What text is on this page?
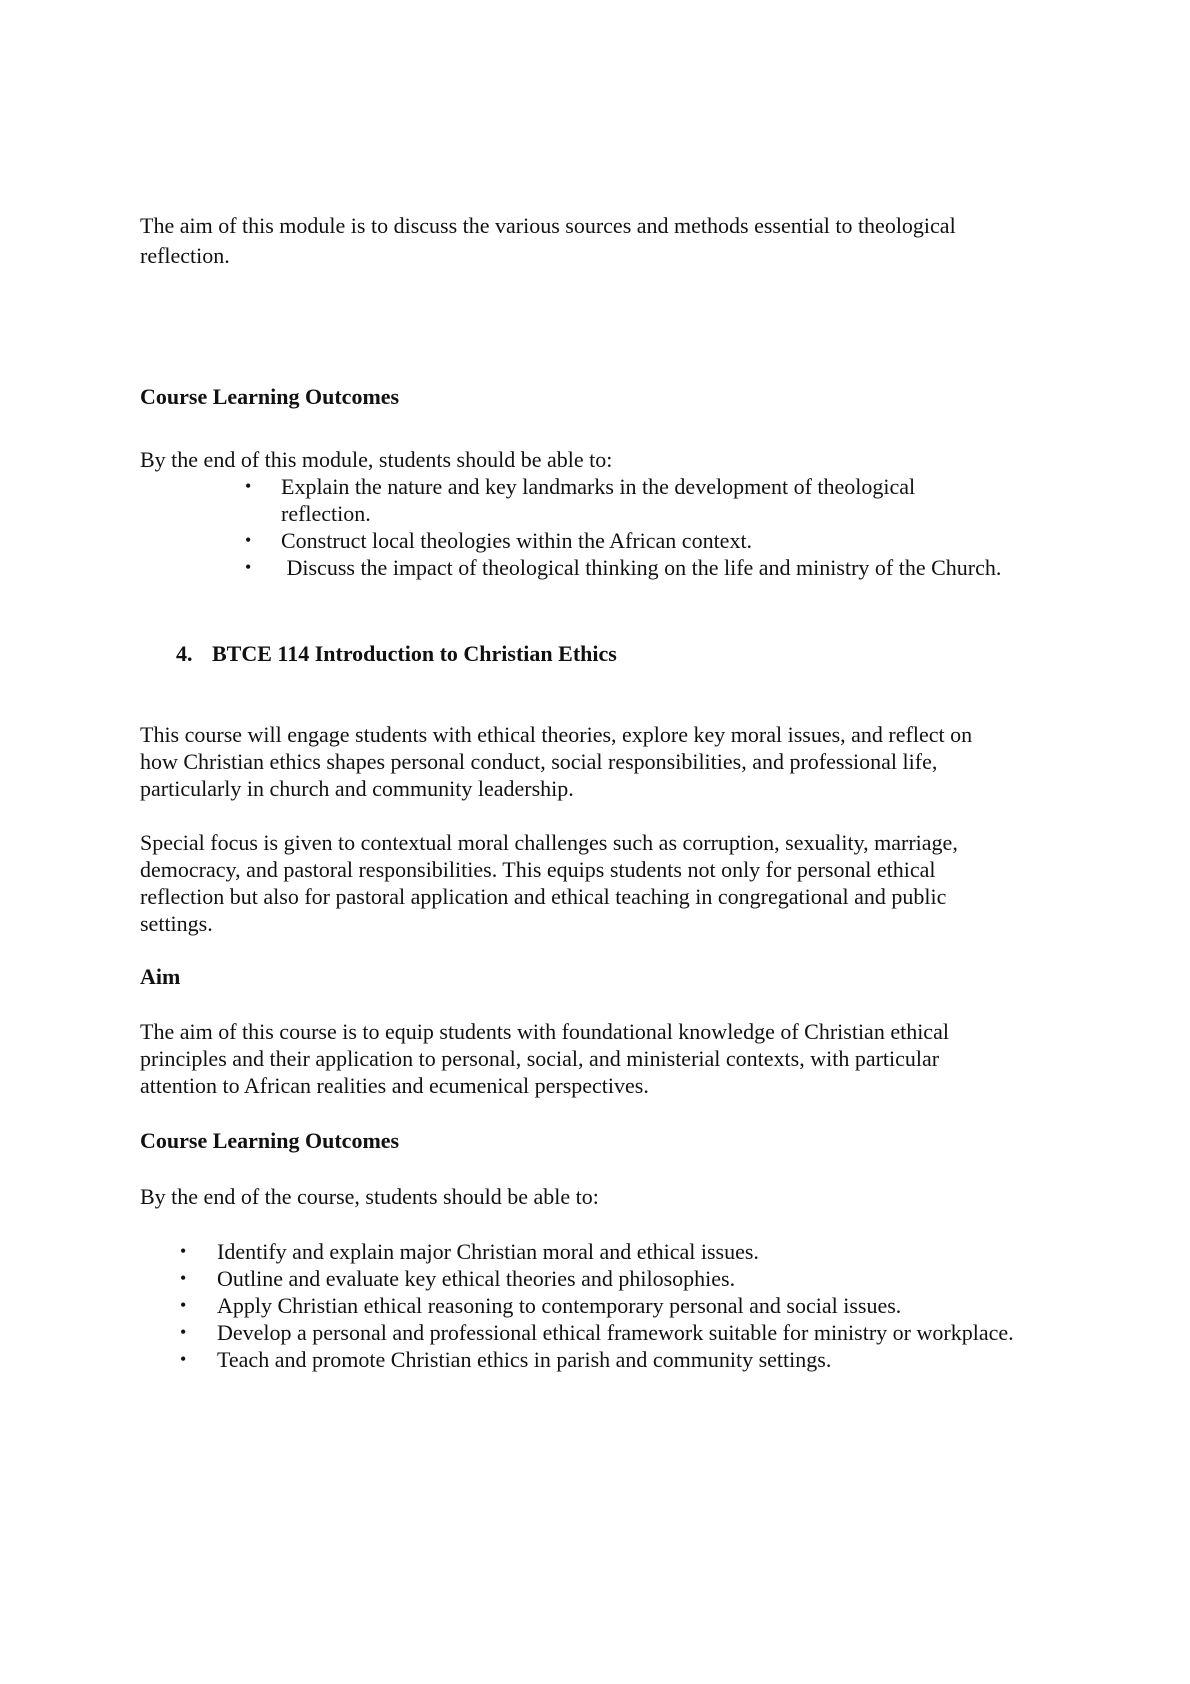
The aim of this module is to discuss the various sources and methods essential to theological

reflection.

Course Learning Outcomes

By the end of this module, students should be able to:

• Explain the nature and key landmarks in the development of theological
reflection.
• Construct local theologies within the African context.
• Discuss the impact of theological thinking on the life and ministry of the Church.

4. BTCE 114 Introduction to Christian Ethics

This course will engage students with ethical theories, explore key moral issues, and reflect on

how Christian ethics shapes personal conduct, social responsibilities, and professional life,

particularly in church and community leadership.

Special focus is given to contextual moral challenges such as corruption, sexuality, marriage,

democracy, and pastoral responsibilities. This equips students not only for personal ethical

reflection but also for pastoral application and ethical teaching in congregational and public

settings.

Aim

The aim of this course is to equip students with foundational knowledge of Christian ethical

principles and their application to personal, social, and ministerial contexts, with particular

attention to African realities and ecumenical perspectives.

Course Learning Outcomes

By the end of the course, students should be able to:

• Identify and explain major Christian moral and ethical issues.
• Outline and evaluate key ethical theories and philosophies.
• Apply Christian ethical reasoning to contemporary personal and social issues.
• Develop a personal and professional ethical framework suitable for ministry or workplace.
• Teach and promote Christian ethics in parish and community settings.
